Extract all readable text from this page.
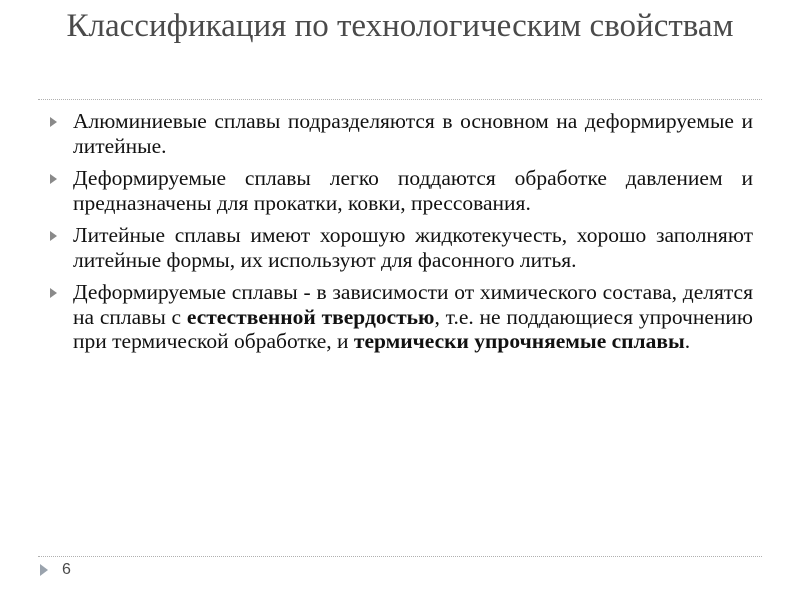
Классификация по технологическим свойствам
Алюминиевые сплавы подразделяются в основном на деформируемые и литейные.
Деформируемые сплавы легко поддаются обработке давлением и предназначены для прокатки, ковки, прессования.
Литейные сплавы имеют хорошую жидкотекучесть, хорошо заполняют литейные формы, их используют для фасонного литья.
Деформируемые сплавы - в зависимости от химического состава, делятся на сплавы с естественной твердостью, т.е. не поддающиеся упрочнению при термической обработке, и термически упрочняемые сплавы.
6
